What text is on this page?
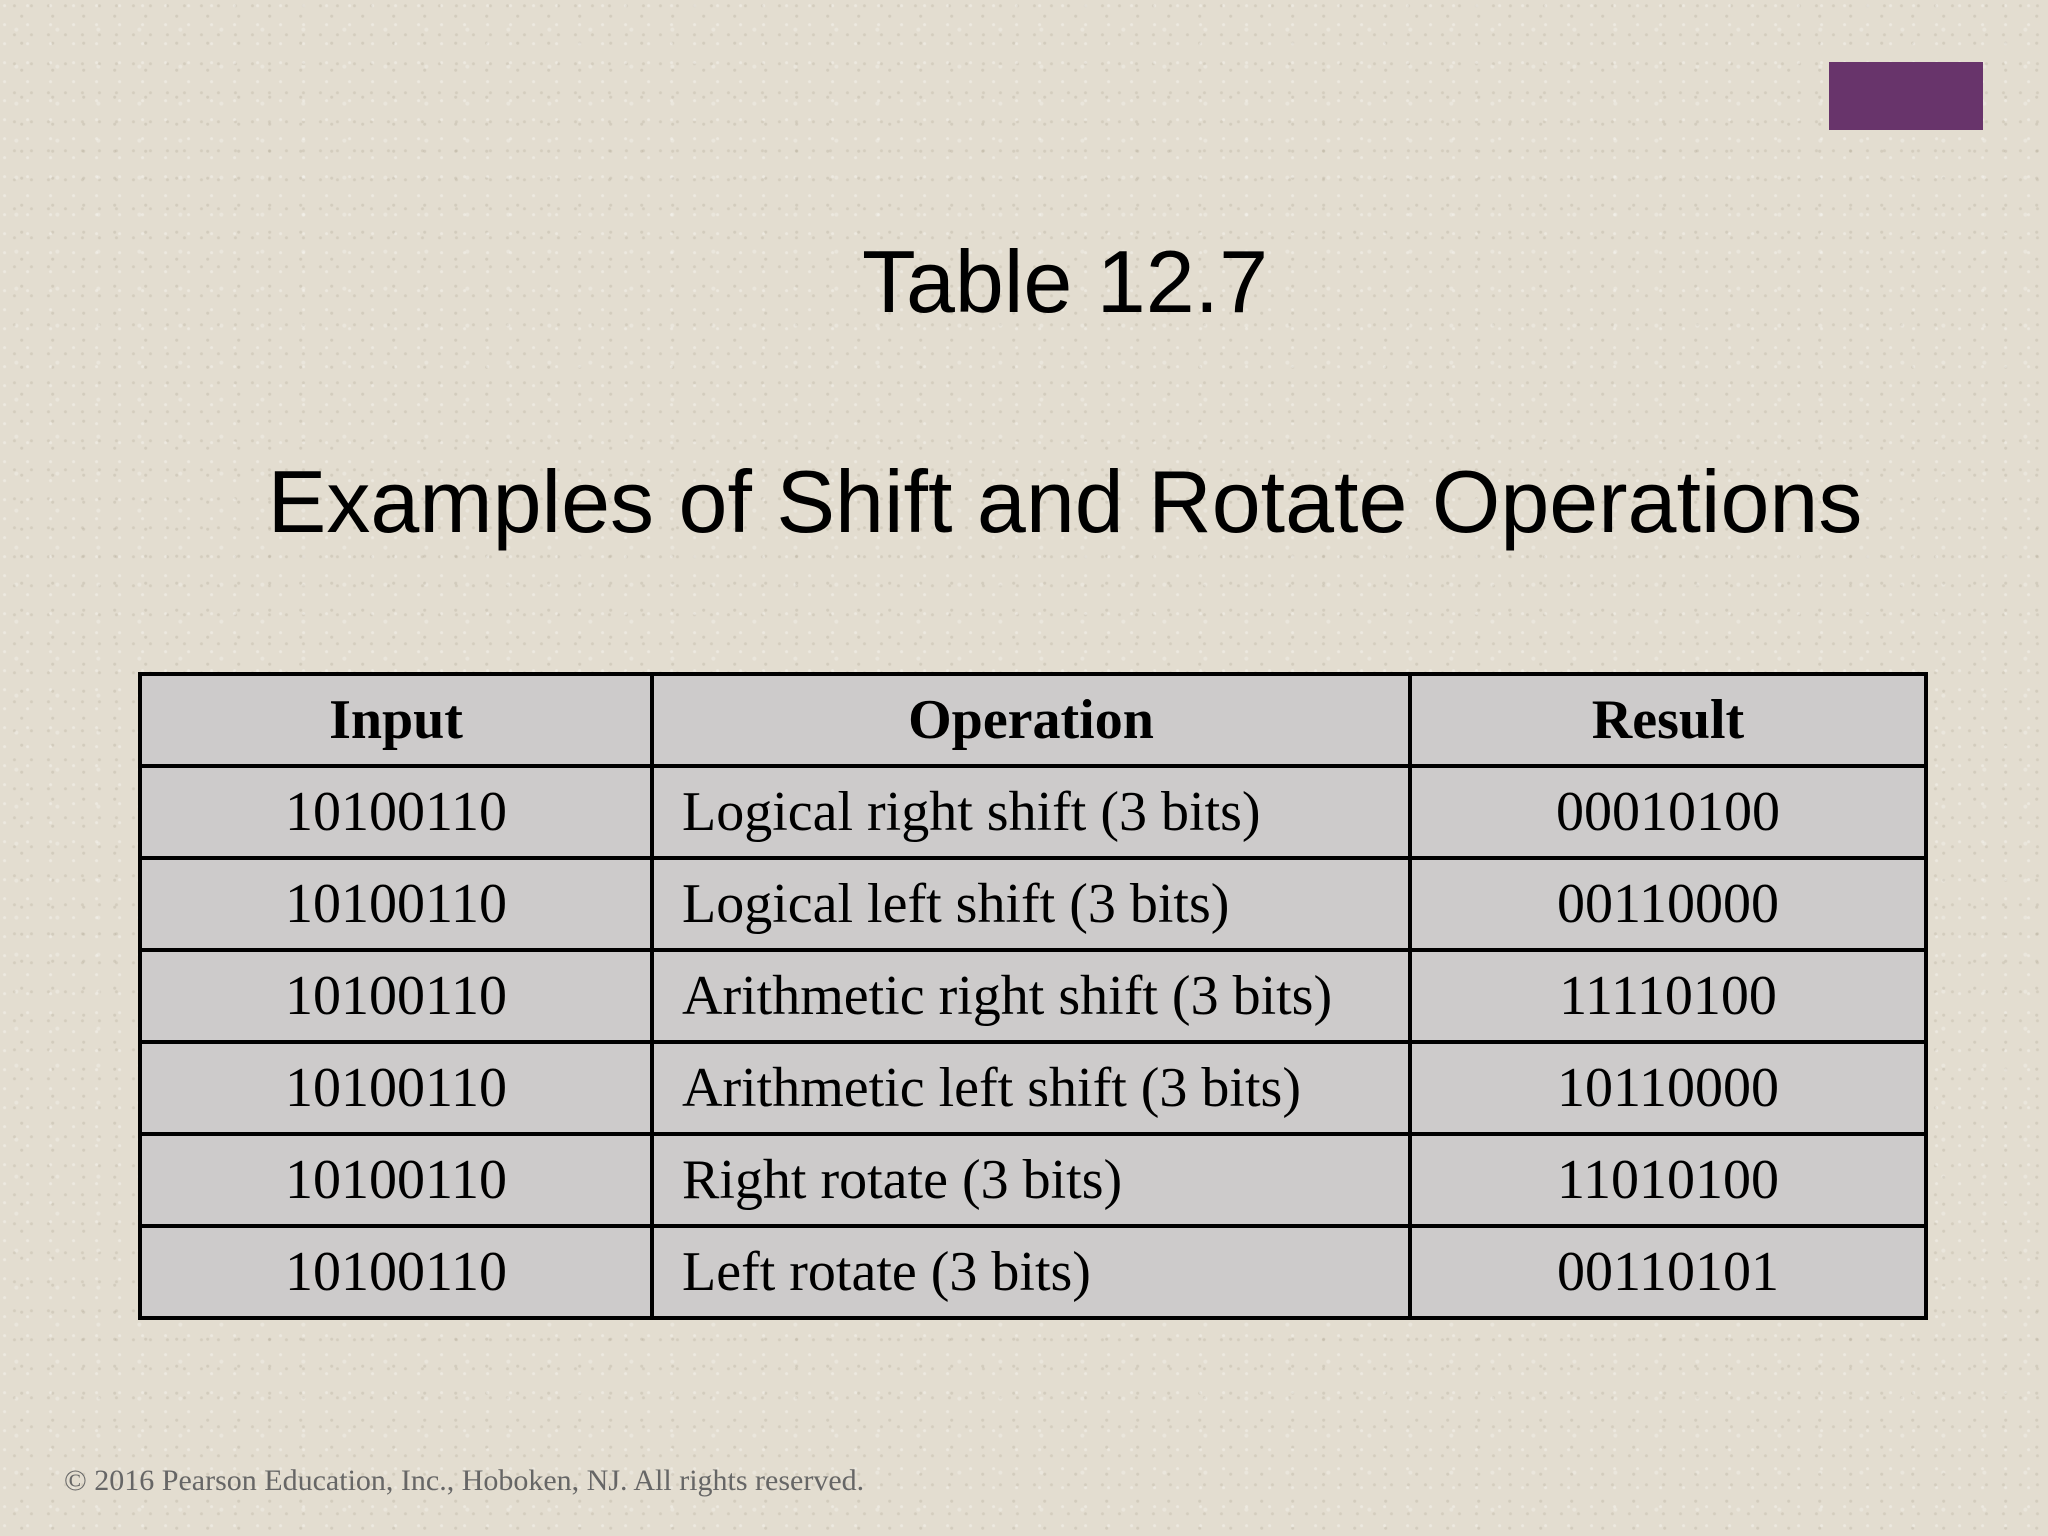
Table 12.7
Examples of Shift and Rotate Operations
Input	Operation	Result
10100110	Logical right shift (3 bits)	00010100
10100110	Logical left shift (3 bits)	00110000
10100110	Arithmetic right shift (3 bits)	11110100
10100110	Arithmetic left shift (3 bits)	10110000
10100110	Right rotate (3 bits)	11010100
10100110	Left rotate (3 bits)	00110101
© 2016 Pearson Education, Inc., Hoboken, NJ. All rights reserved.
